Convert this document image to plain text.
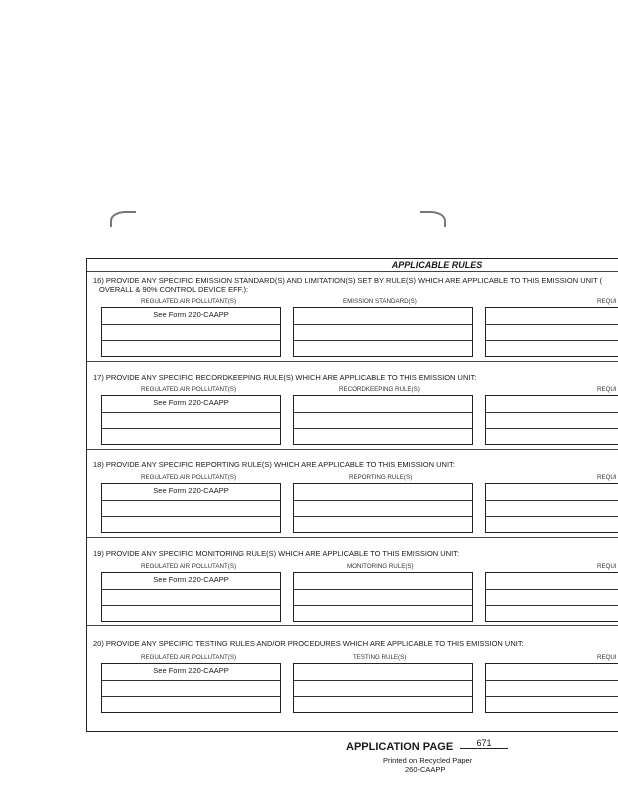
APPLICABLE RULES
16) PROVIDE ANY SPECIFIC EMISSION STANDARD(S) AND LIMITATION(S) SET BY RULE(S) WHICH ARE APPLICABLE TO THIS EMISSION UNIT (
OVERALL & 90% CONTROL DEVICE EFF.):
REGULATED AIR POLLUTANT(S)	EMISSION STANDARD(S)	REQUI
See Form 220-CAAPP
17) PROVIDE ANY SPECIFIC RECORDKEEPING RULE(S) WHICH ARE APPLICABLE TO THIS EMISSION UNIT:
REGULATED AIR POLLUTANT(S)	RECORDKEEPING RULE(S)	REQUI
See Form 220-CAAPP
18) PROVIDE ANY SPECIFIC REPORTING RULE(S) WHICH ARE APPLICABLE TO THIS EMISSION UNIT:
REGULATED AIR POLLUTANT(S)	REPORTING RULE(S)	REQUI
See Form 220-CAAPP
19) PROVIDE ANY SPECIFIC MONITORING RULE(S) WHICH ARE APPLICABLE TO THIS EMISSION UNIT:
REGULATED AIR POLLUTANT(S)	MONITORING RULE(S)	REQUI
See Form 220-CAAPP
20) PROVIDE ANY SPECIFIC TESTING RULES AND/OR PROCEDURES WHICH ARE APPLICABLE TO THIS EMISSION UNIT:
REGULATED AIR POLLUTANT(S)	TESTING RULE(S)	REQUI
See Form 220-CAAPP
APPLICATION PAGE	671
Printed on Recycled Paper
260-CAAPP
